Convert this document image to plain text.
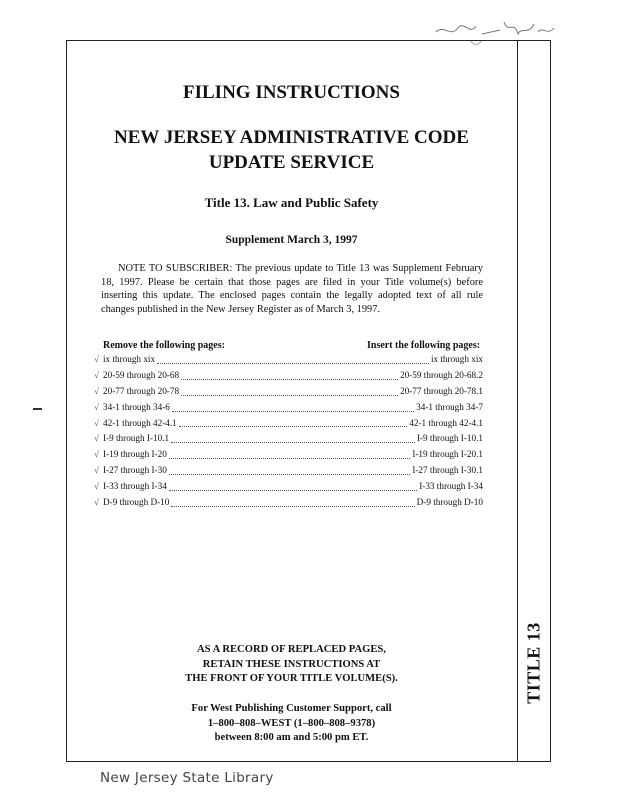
TITLE 13
FILING INSTRUCTIONS
NEW JERSEY ADMINISTRATIVE CODE
UPDATE SERVICE
Title 13. Law and Public Safety
Supplement March 3, 1997
NOTE TO SUBSCRIBER: The previous update to Title 13 was Supplement February 18, 1997. Please be certain that those pages are filed in your Title volume(s) before inserting this update. The enclosed pages contain the legally adopted text of all rule changes published in the New Jersey Register as of March 3, 1997.
Remove the following pages:	Insert the following pages:
√ ix through xix	ix through xix
√ 20-59 through 20-68	20-59 through 20-68.2
√ 20-77 through 20-78	20-77 through 20-78.1
√ 34-1 through 34-6	34-1 through 34-7
√ 42-1 through 42-4.1	42-1 through 42-4.1
√ I-9 through I-10.1	I-9 through I-10.1
√ I-19 through I-20	I-19 through I-20.1
√ I-27 through I-30	I-27 through I-30.1
√ I-33 through I-34	I-33 through I-34
√ D-9 through D-10	D-9 through D-10
AS A RECORD OF REPLACED PAGES,
RETAIN THESE INSTRUCTIONS AT
THE FRONT OF YOUR TITLE VOLUME(S).
For West Publishing Customer Support, call
1–800–808–WEST (1–800–808–9378)
between 8:00 am and 5:00 pm ET.
New Jersey State Library
